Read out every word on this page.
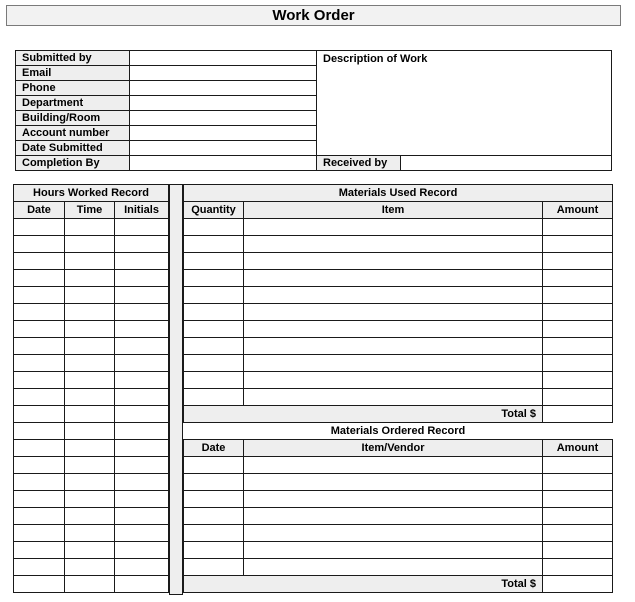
Work Order
Submitted by		Description of Work	
Email			
Phone			
Department			
Building/Room			
Account number			
Date Submitted			
Completion By		Received by	
Hours Worked Record		
Date	Time	Initials

Materials Used Record		
Quantity	Item	Amount

Total $		
Materials Ordered Record		
Date	Item/Vendor	Amount

Total $		
